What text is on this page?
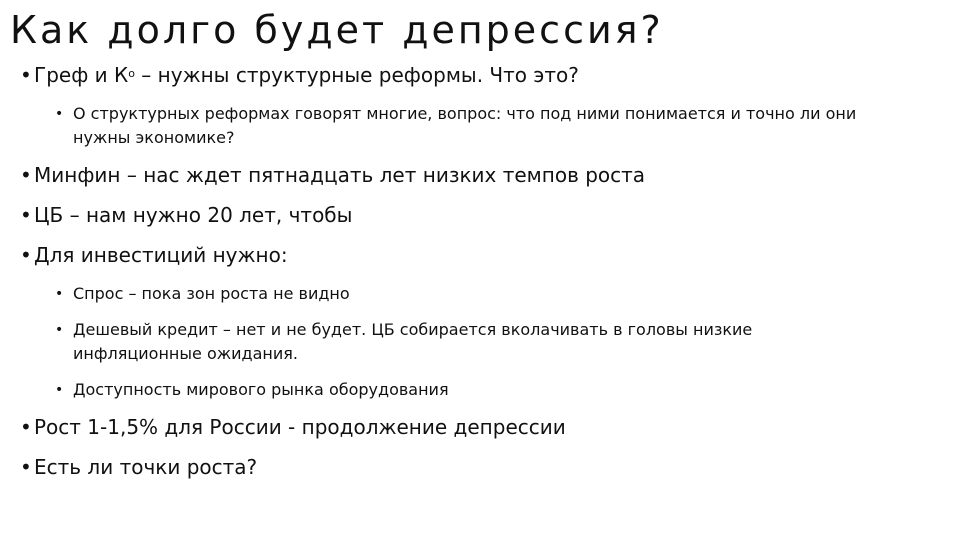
Как долго будет депрессия?
• Греф и $К^о$ – нужны структурные реформы. Что это?
• О структурных реформах говорят многие, вопрос: что под ними понимается и точно ли они нужны экономике?
• Минфин – нас ждет пятнадцать лет низких темпов роста
• ЦБ – нам нужно 20 лет, чтобы
• Для инвестиций нужно:
• Спрос – пока зон роста не видно
• Дешевый кредит – нет и не будет. ЦБ собирается вколачивать в головы низкие инфляционные ожидания.
• Доступность мирового рынка оборудования
• Рост 1-1,5% для России - продолжение депрессии
• Есть ли точки роста?
